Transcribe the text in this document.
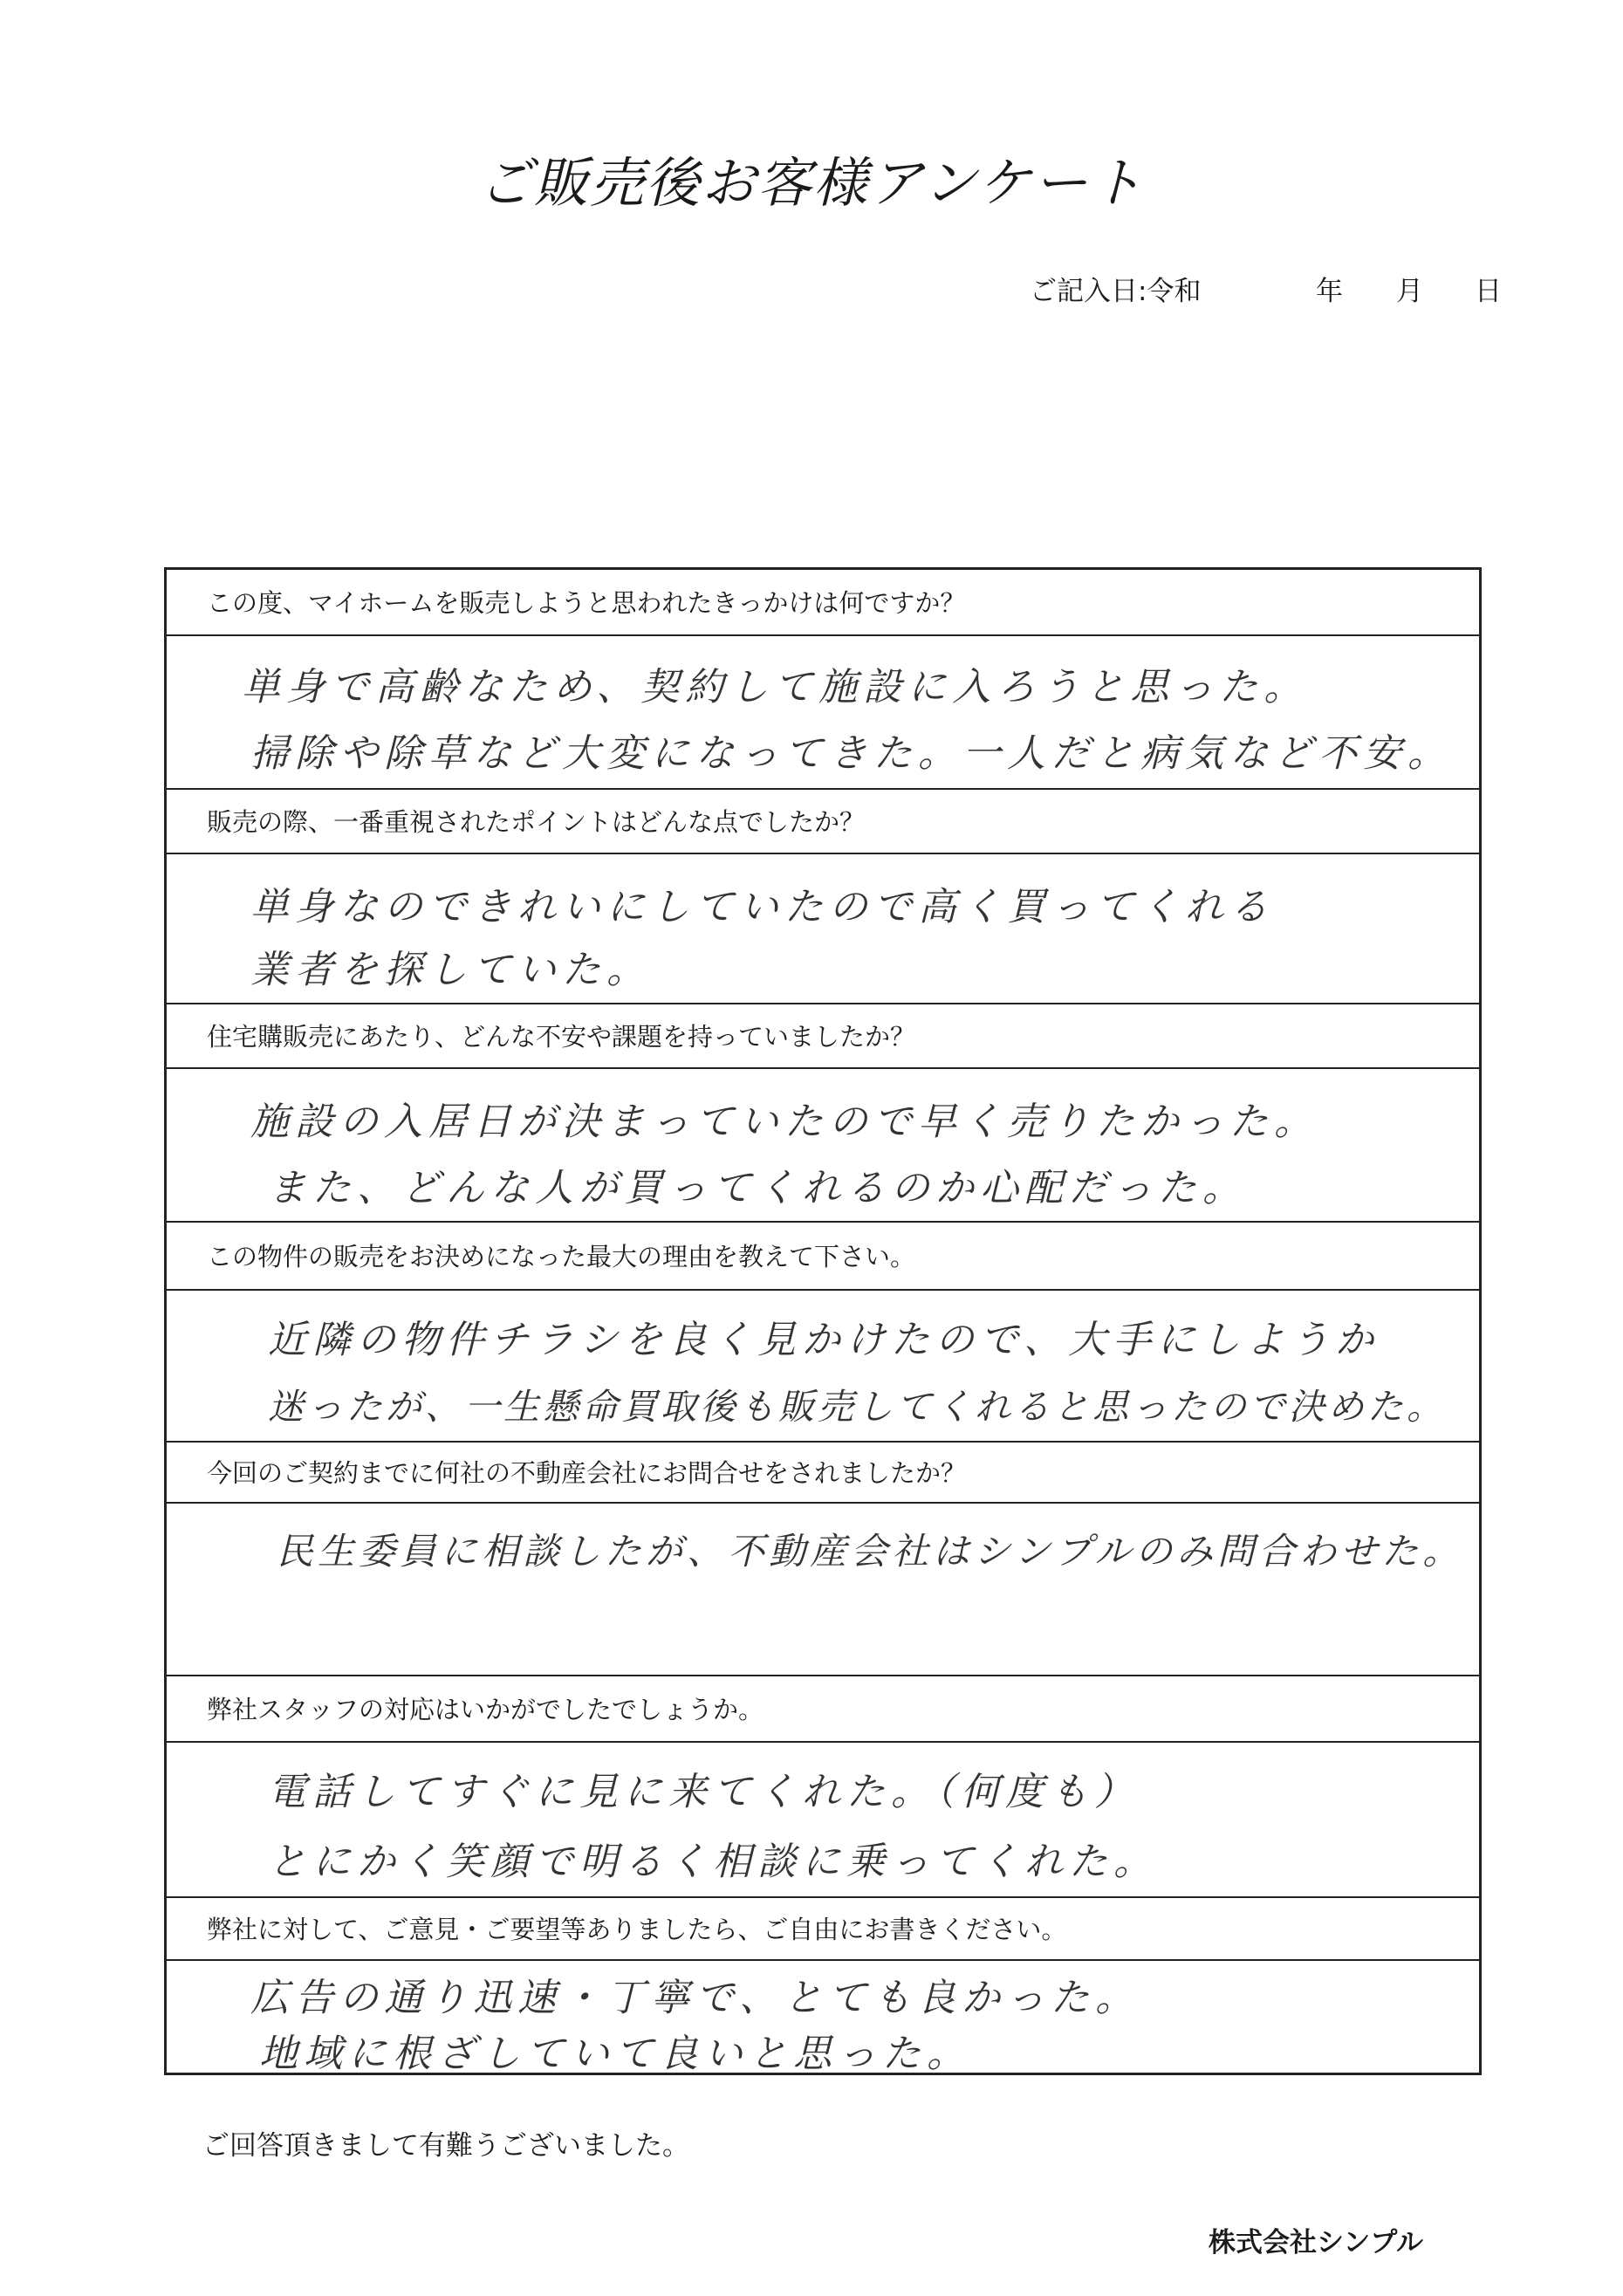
ご販売後お客様アンケート
ご記入日:令和	年 月 日
この度、マイホームを販売しようと思われたきっかけは何ですか？
単身で高齢なため、契約して施設に入ろうと思った。
掃除や除草など大変になってきた。一人だと病気など不安。
販売の際、一番重視されたポイントはどんな点でしたか？
単身なのできれいにしていたので高く買ってくれる
業者を探していた。
住宅購販売にあたり、どんな不安や課題を持っていましたか？
施設の入居日が決まっていたので早く売りたかった。
また、どんな人が買ってくれるのか心配だった。
この物件の販売をお決めになった最大の理由を教えて下さい。
近隣の物件チラシを良く見かけたので、大手にしようか
迷ったが、一生懸命買取後も販売してくれると思ったので決めた。
今回のご契約までに何社の不動産会社にお問合せをされましたか？
民生委員に相談したが、不動産会社はシンプルのみ問合わせた。
弊社スタッフの対応はいかがでしたでしょうか。
電話してすぐに見に来てくれた。（何度も）
とにかく笑顔で明るく相談に乗ってくれた。
弊社に対して、ご意見・ご要望等ありましたら、ご自由にお書きください。
広告の通り迅速・丁寧で、とても良かった。
地域に根ざしていて良いと思った。
ご回答頂きまして有難うございました。
株式会社シンプル
